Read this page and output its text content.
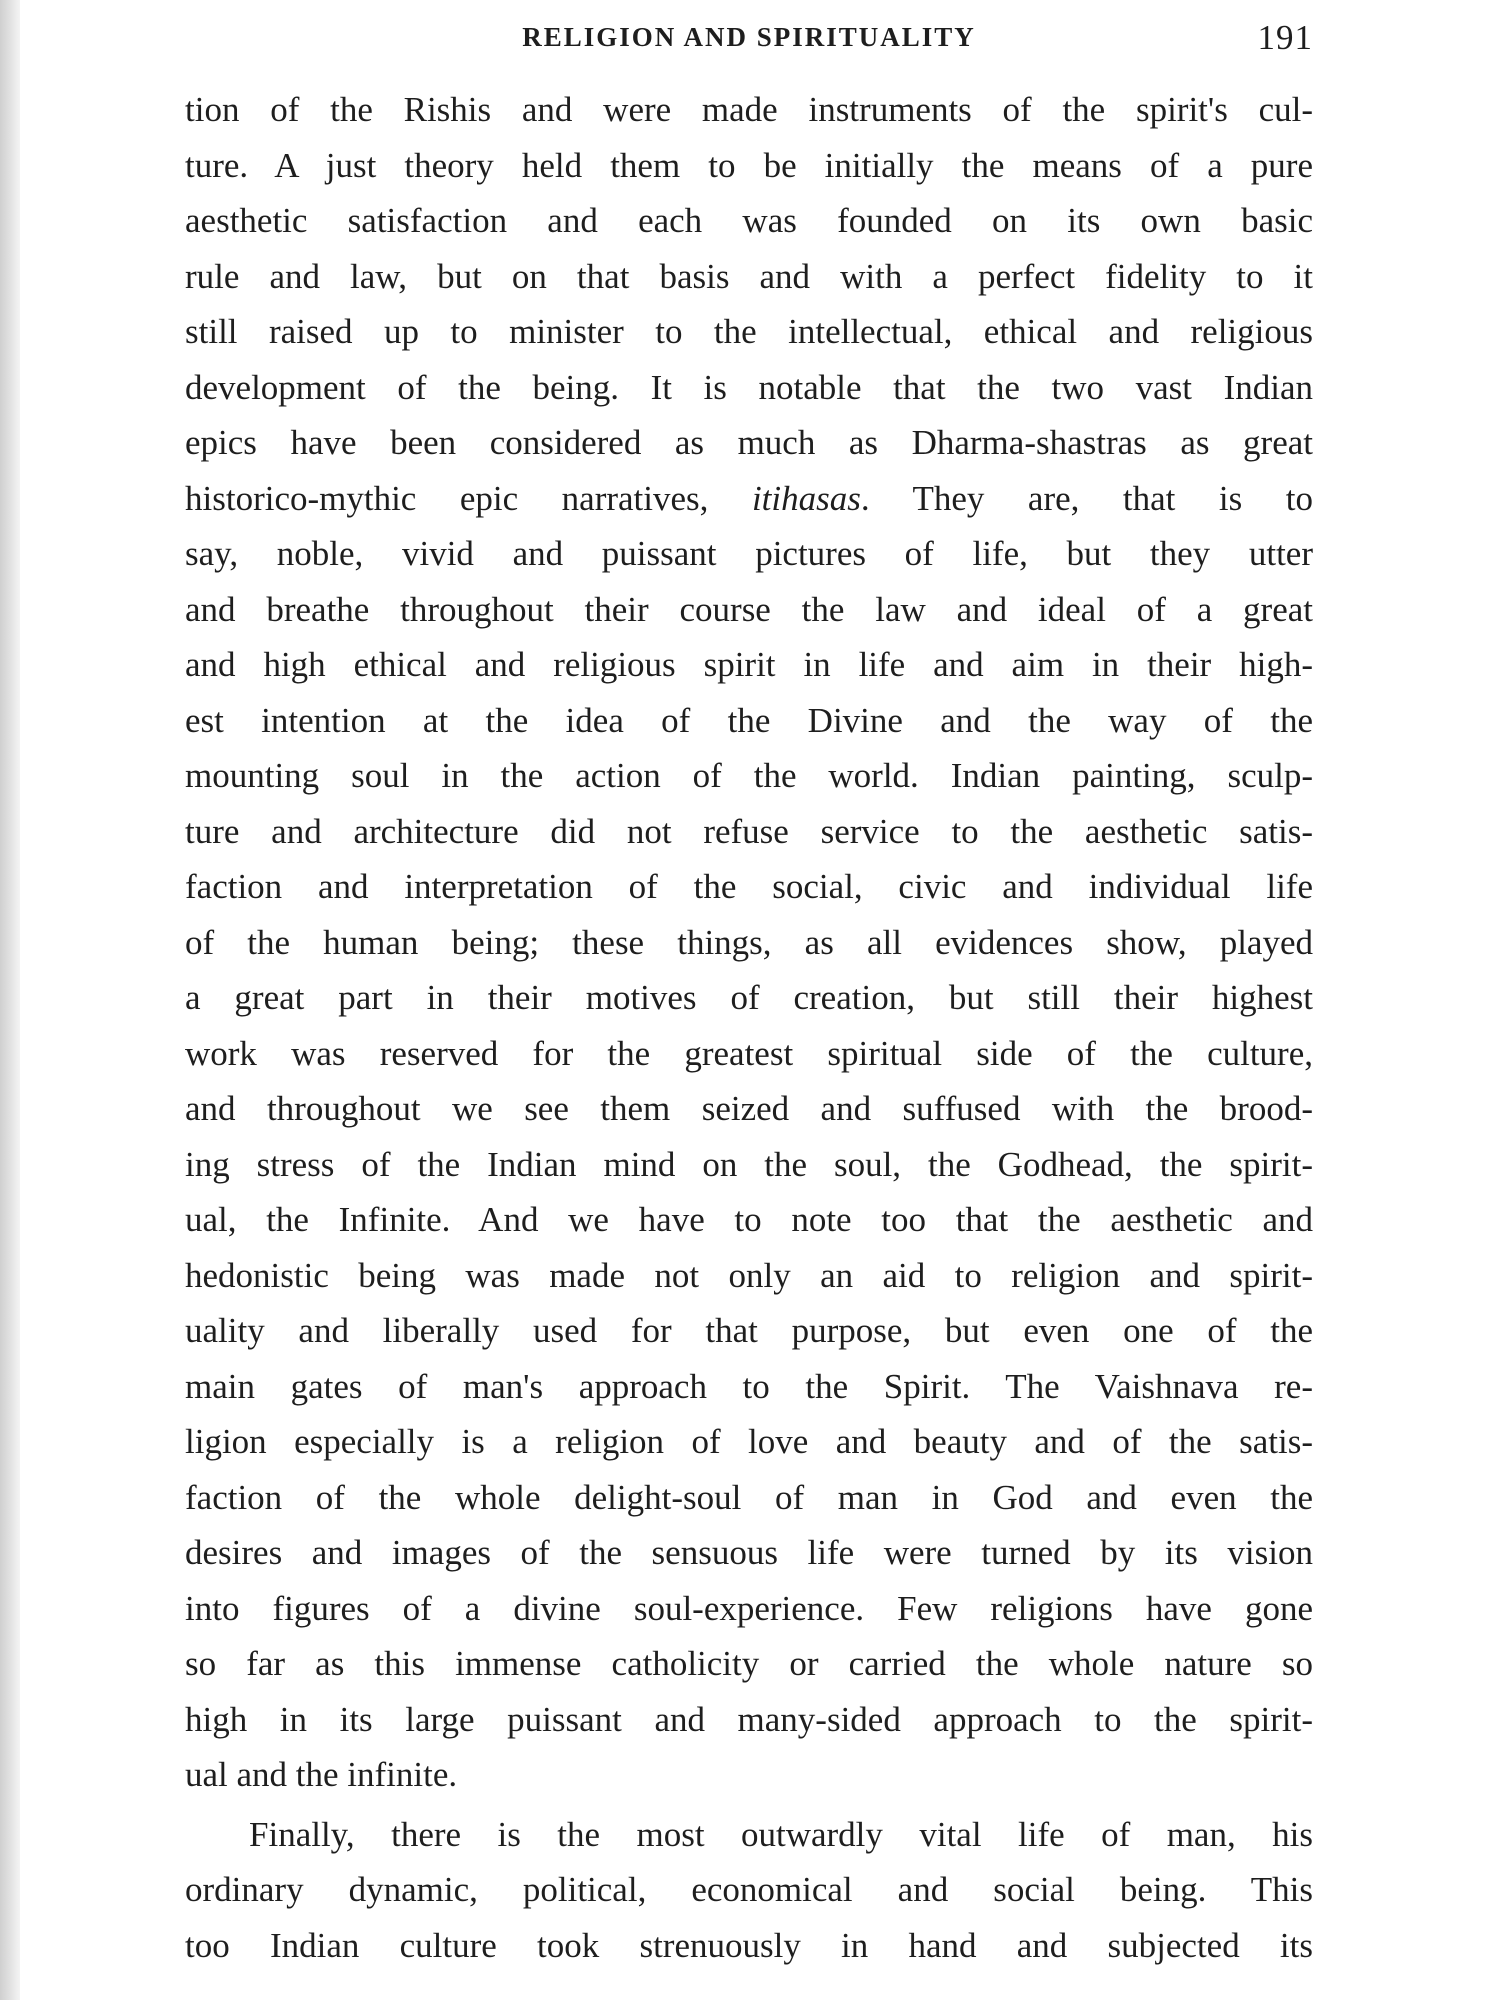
RELIGION AND SPIRITUALITY	191
tion of the Rishis and were made instruments of the spirit's cul-
ture. A just theory held them to be initially the means of a pure
aesthetic satisfaction and each was founded on its own basic
rule and law, but on that basis and with a perfect fidelity to it
still raised up to minister to the intellectual, ethical and religious
development of the being. It is notable that the two vast Indian
epics have been considered as much as Dharma-shastras as great
historico-mythic epic narratives, itihasas. They are, that is to
say, noble, vivid and puissant pictures of life, but they utter
and breathe throughout their course the law and ideal of a great
and high ethical and religious spirit in life and aim in their high-
est intention at the idea of the Divine and the way of the
mounting soul in the action of the world. Indian painting, sculp-
ture and architecture did not refuse service to the aesthetic satis-
faction and interpretation of the social, civic and individual life
of the human being; these things, as all evidences show, played
a great part in their motives of creation, but still their highest
work was reserved for the greatest spiritual side of the culture,
and throughout we see them seized and suffused with the brood-
ing stress of the Indian mind on the soul, the Godhead, the spirit-
ual, the Infinite. And we have to note too that the aesthetic and
hedonistic being was made not only an aid to religion and spirit-
uality and liberally used for that purpose, but even one of the
main gates of man's approach to the Spirit. The Vaishnava re-
ligion especially is a religion of love and beauty and of the satis-
faction of the whole delight-soul of man in God and even the
desires and images of the sensuous life were turned by its vision
into figures of a divine soul-experience. Few religions have gone
so far as this immense catholicity or carried the whole nature so
high in its large puissant and many-sided approach to the spirit-
ual and the infinite.
Finally, there is the most outwardly vital life of man, his
ordinary dynamic, political, economical and social being. This
too Indian culture took strenuously in hand and subjected its
